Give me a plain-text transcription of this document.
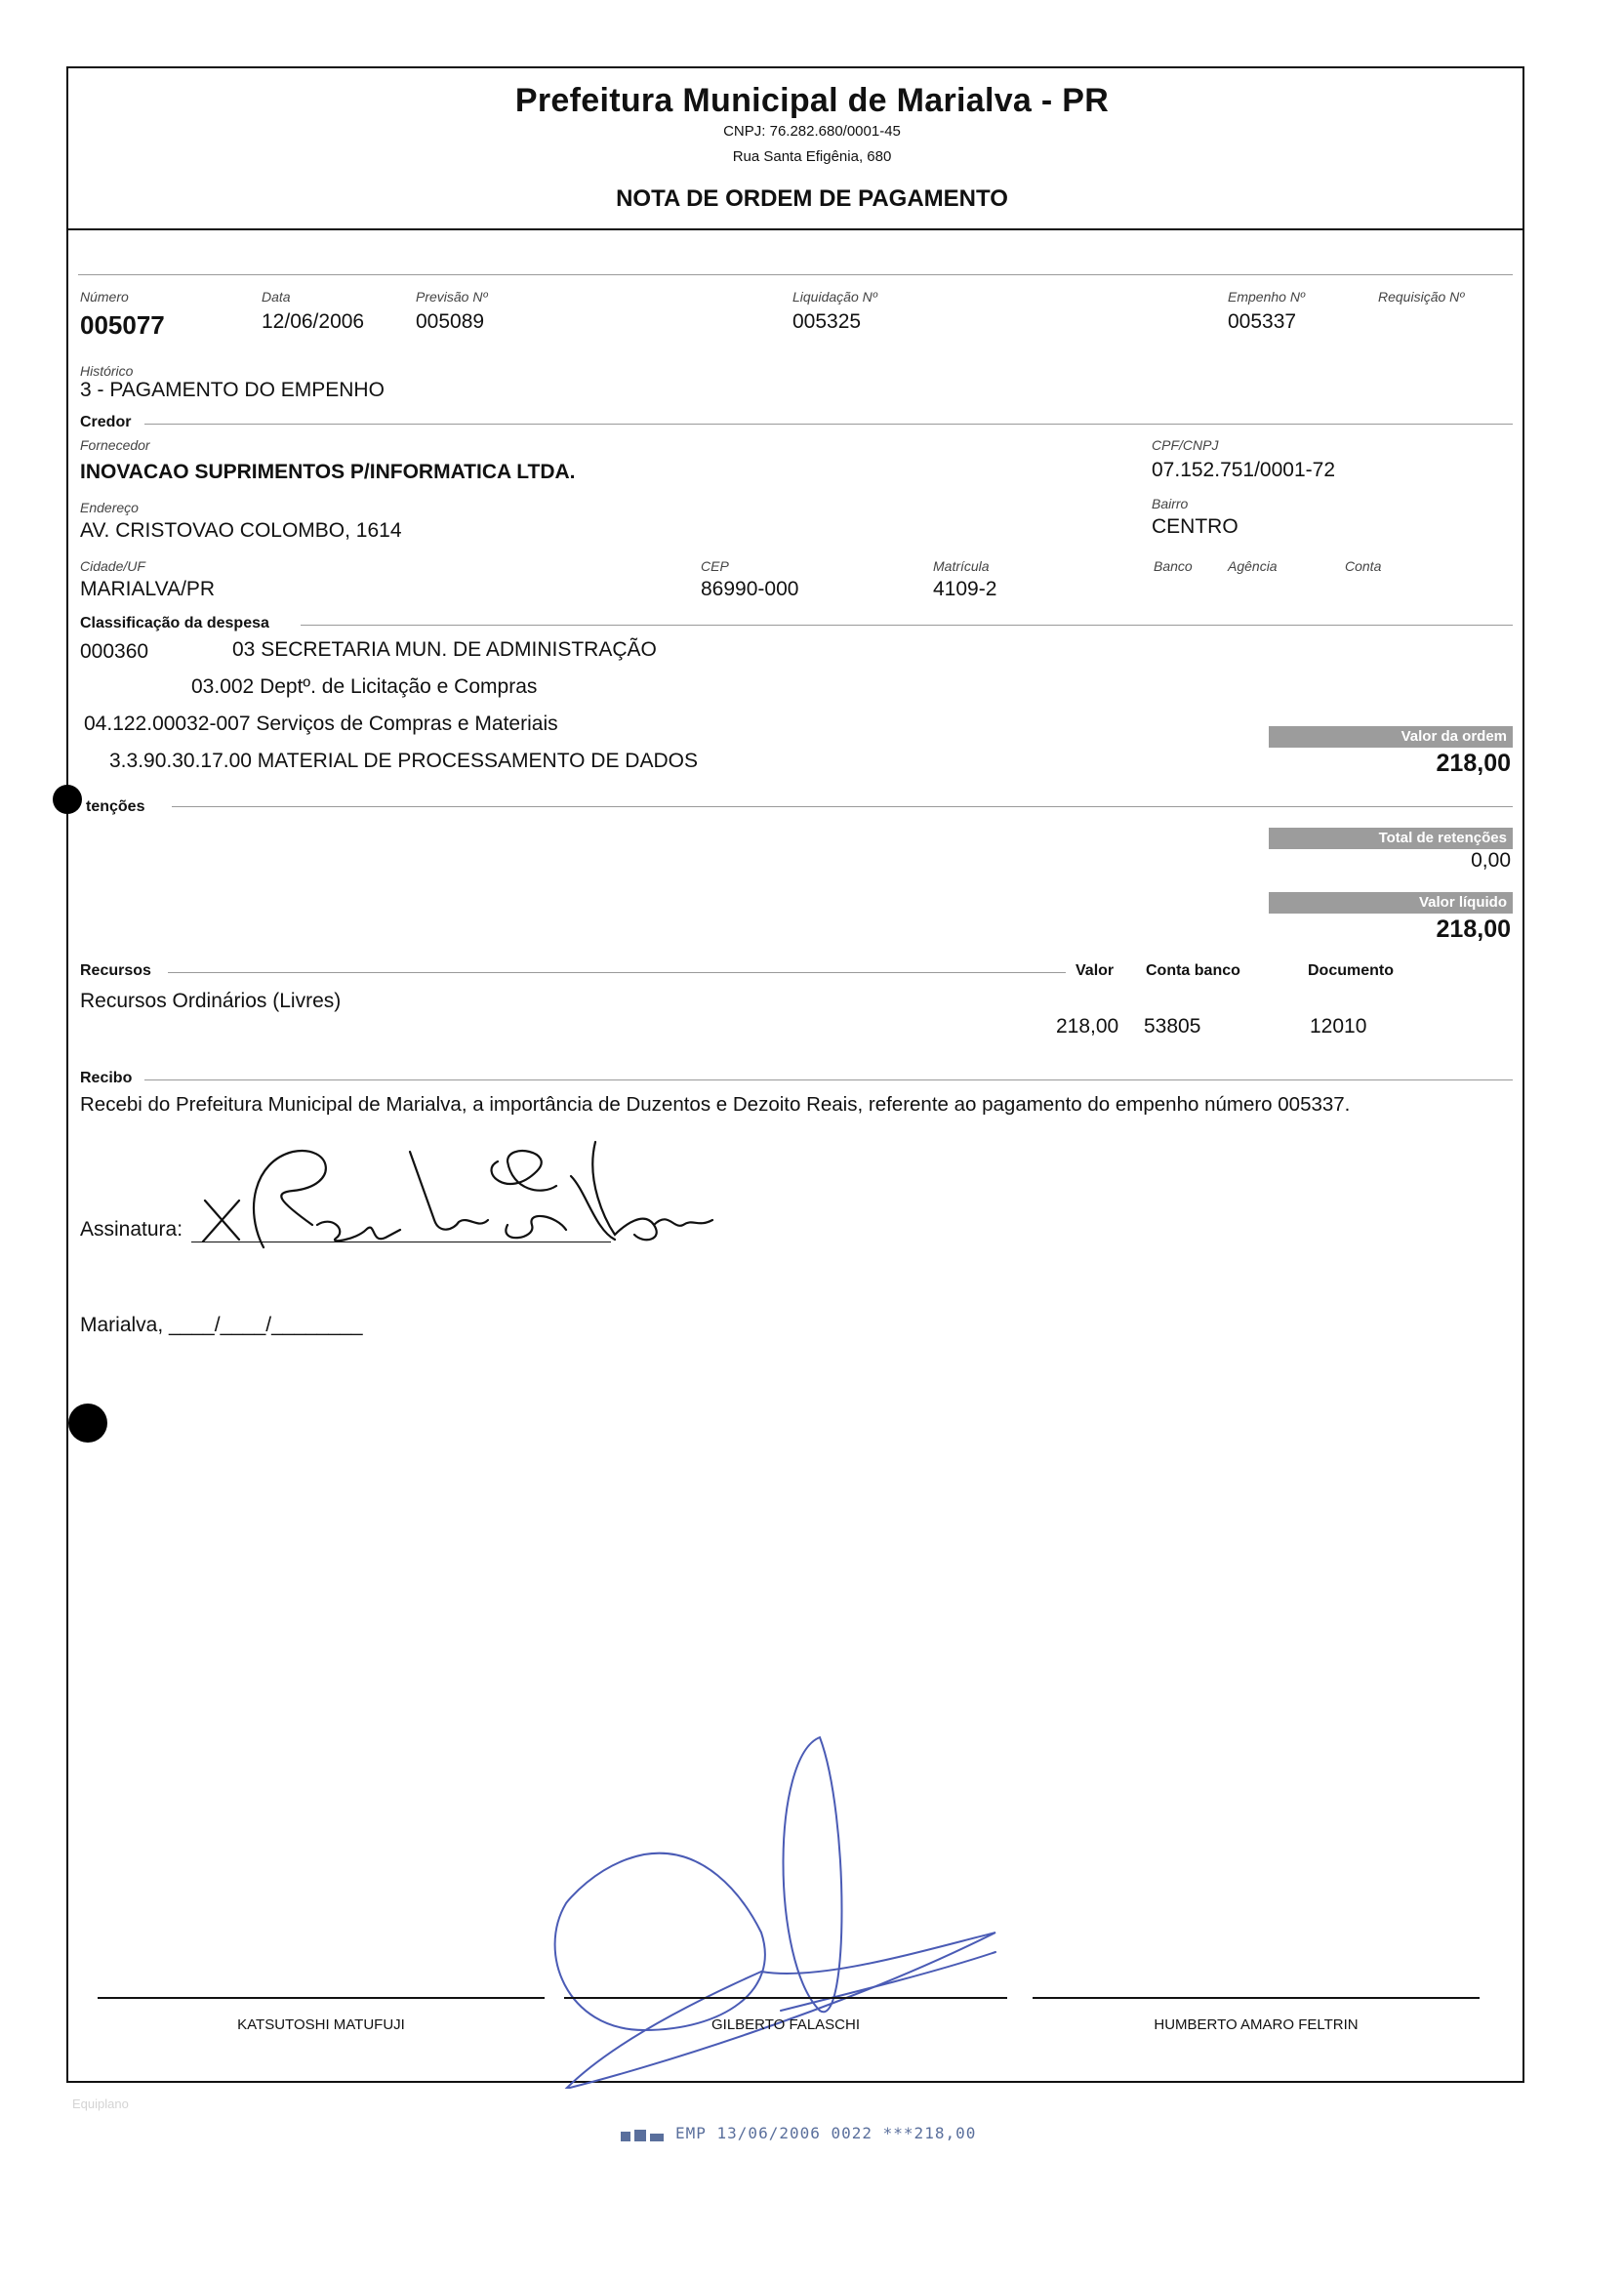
Prefeitura Municipal de Marialva - PR
CNPJ: 76.282.680/0001-45
Rua Santa Efigênia, 680
NOTA DE ORDEM DE PAGAMENTO
Número
005077
Data
12/06/2006
Previsão Nº
005089
Liquidação Nº
005325
Empenho Nº
005337
Requisição Nº
Histórico
3 - PAGAMENTO DO EMPENHO
Credor
Fornecedor
INOVACAO SUPRIMENTOS P/INFORMATICA LTDA.
CPF/CNPJ
07.152.751/0001-72
Endereço
AV. CRISTOVAO COLOMBO, 1614
Bairro
CENTRO
Cidade/UF
MARIALVA/PR
CEP
86990-000
Matrícula
4109-2
Banco	Agência	Conta
Classificação da despesa
000360	03 SECRETARIA MUN. DE ADMINISTRAÇÃO
03.002 Deptº. de Licitação e Compras
04.122.00032-007 Serviços de Compras e Materiais
3.3.90.30.17.00 MATERIAL DE PROCESSAMENTO DE DADOS
Valor da ordem
218,00
tenções
Total de retenções
0,00
Valor líquido
218,00
Recursos	Valor Conta banco	Documento
Recursos Ordinários (Livres)
218,00 53805	12010
Recibo
Recebi do Prefeitura Municipal de Marialva, a importância de Duzentos e Dezoito Reais, referente ao pagamento do empenho número 005337.
Assinatura:
Marialva, ____/____/________
KATSUTOSHI MATUFUJI	GILBERTO FALASCHI	HUMBERTO AMARO FELTRIN
Equiplano
EMP 13/06/2006 0022 ***218,00
